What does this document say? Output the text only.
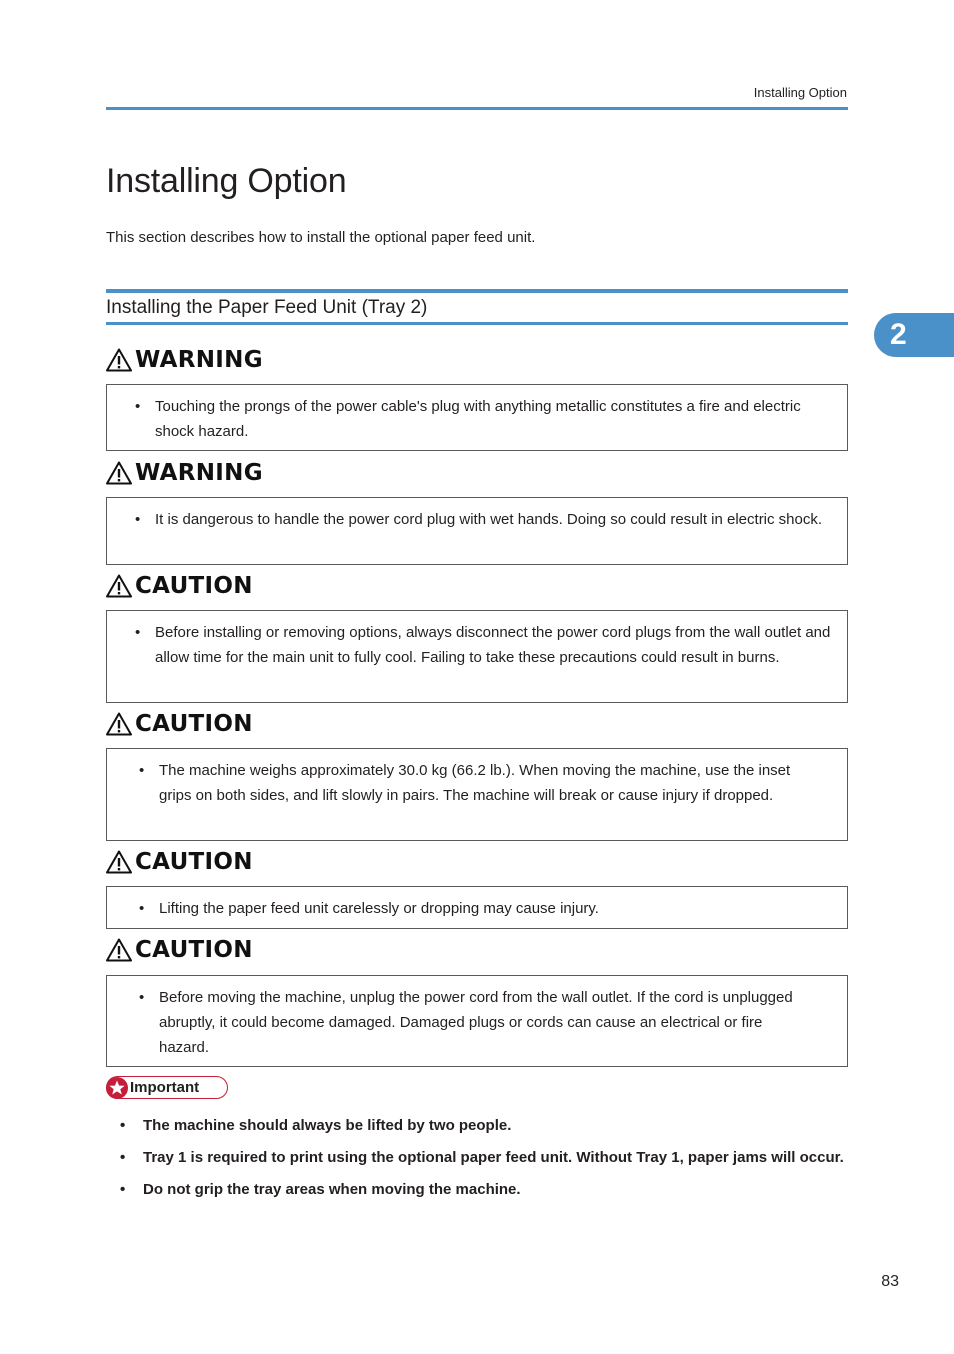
Installing Option
Installing Option

This section describes how to install the optional paper feed unit.

Installing the Paper Feed Unit (Tray 2)
2
WARNING
• Touching the prongs of the power cable's plug with anything metallic constitutes a fire and electric shock hazard.
WARNING
• It is dangerous to handle the power cord plug with wet hands. Doing so could result in electric shock.
CAUTION
• Before installing or removing options, always disconnect the power cord plugs from the wall outlet and allow time for the main unit to fully cool. Failing to take these precautions could result in burns.
CAUTION
• The machine weighs approximately 30.0 kg (66.2 lb.). When moving the machine, use the inset grips on both sides, and lift slowly in pairs. The machine will break or cause injury if dropped.
CAUTION
• Lifting the paper feed unit carelessly or dropping may cause injury.
CAUTION
• Before moving the machine, unplug the power cord from the wall outlet. If the cord is unplugged abruptly, it could become damaged. Damaged plugs or cords can cause an electrical or fire hazard.
Important
• The machine should always be lifted by two people.
• Tray 1 is required to print using the optional paper feed unit. Without Tray 1, paper jams will occur.
• Do not grip the tray areas when moving the machine.
83
